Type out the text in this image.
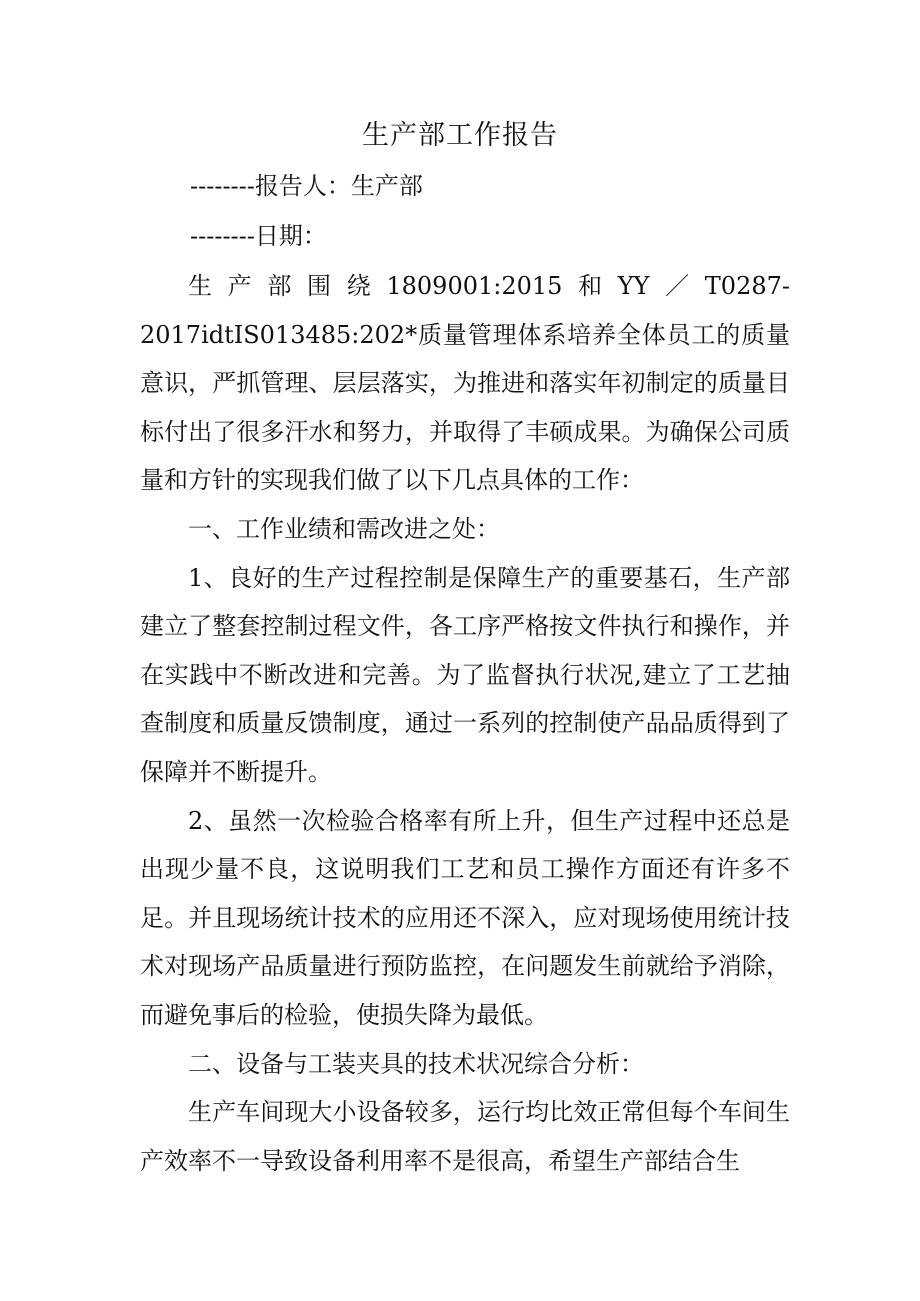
生产部工作报告

--------报告人：生产部

--------日期：

生产部围绕1809001:2015和YY／T0287-2017idtIS013485:202*质量管理体系培养全体员工的质量意识，严抓管理、层层落实，为推进和落实年初制定的质量目标付出了很多汗水和努力，并取得了丰硕成果。为确保公司质量和方针的实现我们做了以下几点具体的工作：

一、工作业绩和需改进之处：

1、良好的生产过程控制是保障生产的重要基石，生产部建立了整套控制过程文件，各工序严格按文件执行和操作，并在实践中不断改进和完善。为了监督执行状况,建立了工艺抽查制度和质量反馈制度，通过一系列的控制使产品品质得到了保障并不断提升。

2、虽然一次检验合格率有所上升，但生产过程中还总是出现少量不良，这说明我们工艺和员工操作方面还有许多不足。并且现场统计技术的应用还不深入，应对现场使用统计技术对现场产品质量进行预防监控，在问题发生前就给予消除，而避免事后的检验，使损失降为最低。

二、设备与工装夹具的技术状况综合分析：

生产车间现大小设备较多，运行均比效正常但每个车间生产效率不一导致设备利用率不是很高，希望生产部结合生
